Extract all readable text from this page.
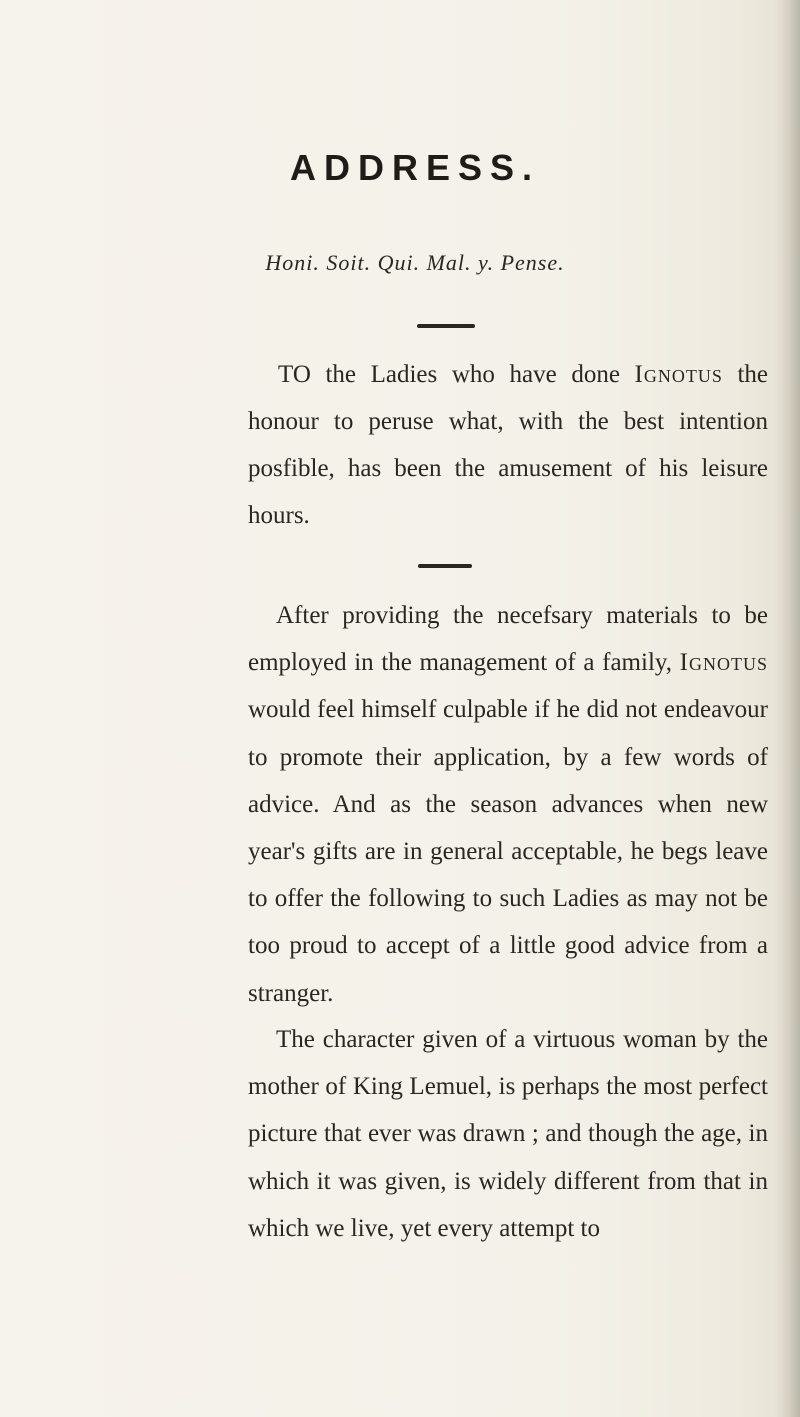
ADDRESS.
Honi. Soit. Qui. Mal. y. Pense.

TO the Ladies who have done Ignotus the honour to peruse what, with the best intention posfible, has been the amusement of his leisure hours.

After providing the necefsary materials to be employed in the management of a family, Ignotus would feel himself culpable if he did not endeavour to promote their application, by a few words of advice. And as the season advances when new year's gifts are in general acceptable, he begs leave to offer the following to such Ladies as may not be too proud to accept of a little good advice from a stranger.

The character given of a virtuous woman by the mother of King Lemuel, is perhaps the most perfect picture that ever was drawn ; and though the age, in which it was given, is widely different from that in which we live, yet every attempt to
